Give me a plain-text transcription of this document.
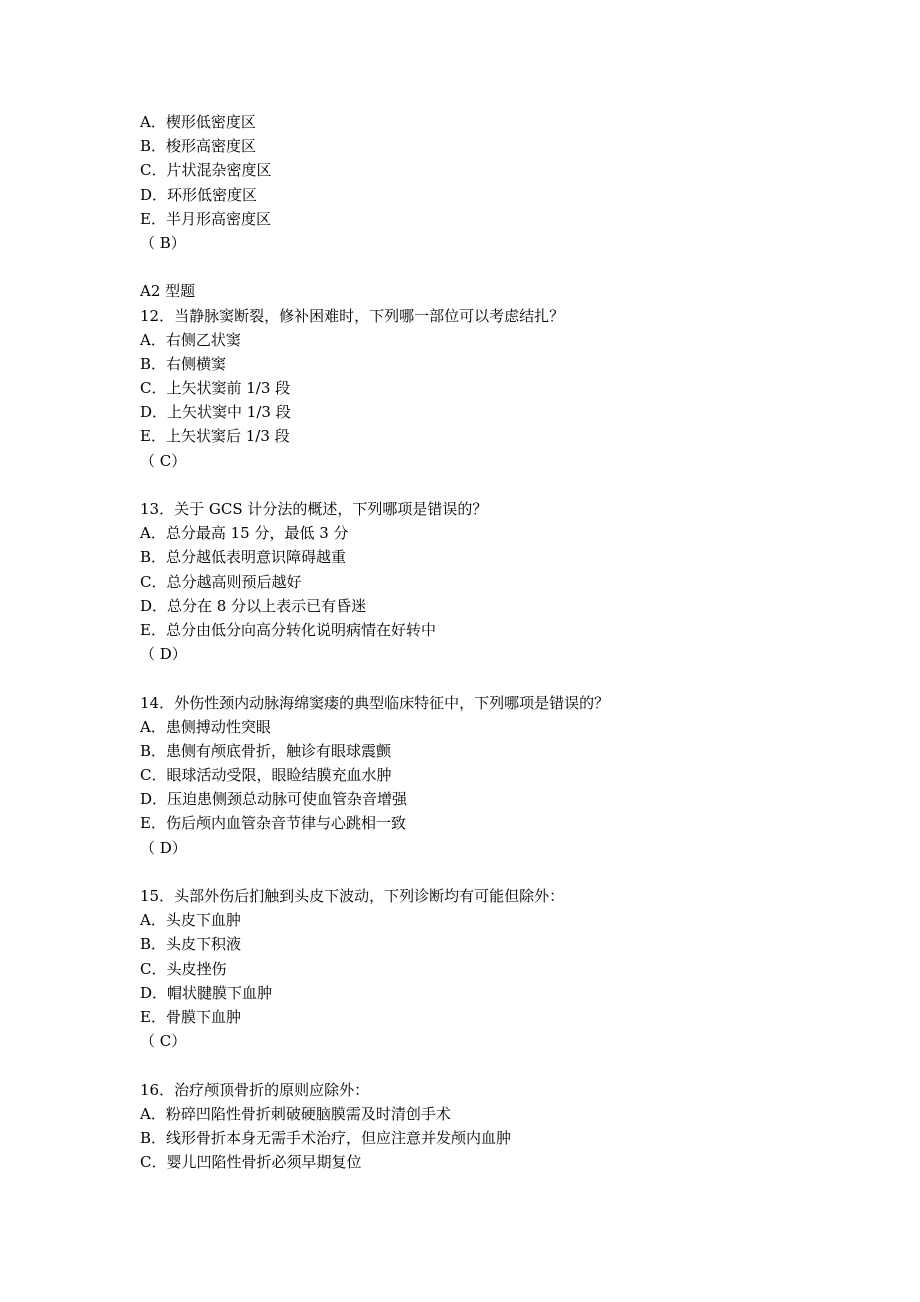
A．楔形低密度区
B．梭形高密度区
C．片状混杂密度区
D．环形低密度区
E．半月形高密度区
（ B）
A2 型题
12．当静脉窦断裂，修补困难时，下列哪一部位可以考虑结扎？
A．右侧乙状窦
B．右侧横窦
C．上矢状窦前 1/3 段
D．上矢状窦中 1/3 段
E．上矢状窦后 1/3 段
（ C）
13．关于 GCS 计分法的概述，下列哪项是错误的？
A．总分最高 15 分，最低 3 分
B．总分越低表明意识障碍越重
C．总分越高则预后越好
D．总分在 8 分以上表示已有昏迷
E．总分由低分向高分转化说明病情在好转中
（ D）
14．外伤性颈内动脉海绵窦瘘的典型临床特征中，下列哪项是错误的？
A．患侧搏动性突眼
B．患侧有颅底骨折，触诊有眼球震颤
C．眼球活动受限，眼睑结膜充血水肿
D．压迫患侧颈总动脉可使血管杂音增强
E．伤后颅内血管杂音节律与心跳相一致
（ D）
15．头部外伤后扪触到头皮下波动，下列诊断均有可能但除外：
A．头皮下血肿
B．头皮下积液
C．头皮挫伤
D．帽状腱膜下血肿
E．骨膜下血肿
（ C）
16．治疗颅顶骨折的原则应除外：
A．粉碎凹陷性骨折刺破硬脑膜需及时清创手术
B．线形骨折本身无需手术治疗，但应注意并发颅内血肿
C．婴儿凹陷性骨折必须早期复位
